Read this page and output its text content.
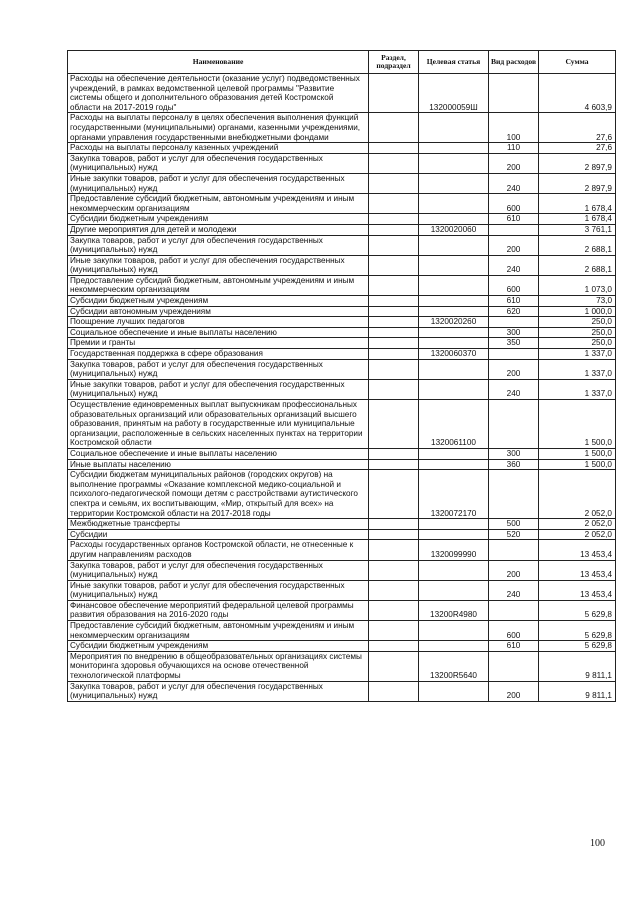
Наименование	Раздел, подраздел	Целевая статья	Вид расходов	Сумма
Расходы на обеспечение деятельности (оказание услуг) подведомственных учреждений, в рамках ведомственной целевой программы "Развитие системы общего и дополнительного образования детей Костромской области на 2017-2019 годы"		132000059Ш		4 603,9
Расходы на выплаты персоналу в целях обеспечения выполнения функций государственными (муниципальными) органами, казенными учреждениями, органами управления государственными внебюджетными фондами			100	27,6
Расходы на выплаты персоналу казенных учреждений			110	27,6
Закупка товаров, работ и услуг для обеспечения государственных (муниципальных) нужд			200	2 897,9
Иные закупки товаров, работ и услуг для обеспечения государственных (муниципальных) нужд			240	2 897,9
Предоставление субсидий бюджетным, автономным учреждениям и иным некоммерческим организациям			600	1 678,4
Субсидии бюджетным учреждениям			610	1 678,4
Другие мероприятия для детей и молодежи		1320020060		3 761,1
Закупка товаров, работ и услуг для обеспечения государственных (муниципальных) нужд			200	2 688,1
Иные закупки товаров, работ и услуг для обеспечения государственных (муниципальных) нужд			240	2 688,1
Предоставление субсидий бюджетным, автономным учреждениям и иным некоммерческим организациям			600	1 073,0
Субсидии бюджетным учреждениям			610	73,0
Субсидии автономным учреждениям			620	1 000,0
Поощрение лучших педагогов		1320020260		250,0
Социальное обеспечение и иные выплаты населению			300	250,0
Премии и гранты			350	250,0
Государственная поддержка в сфере образования		1320060370		1 337,0
Закупка товаров, работ и услуг для обеспечения государственных (муниципальных) нужд			200	1 337,0
Иные закупки товаров, работ и услуг для обеспечения государственных (муниципальных) нужд			240	1 337,0
Осуществление единовременных выплат выпускникам профессиональных образовательных организаций или образовательных организаций высшего образования, принятым на работу в государственные или муниципальные организации, расположенные в сельских населенных пунктах на территории Костромской области		1320061100		1 500,0
Социальное обеспечение и иные выплаты населению			300	1 500,0
Иные выплаты населению			360	1 500,0
Субсидии бюджетам муниципальных районов (городских округов) на выполнение программы «Оказание комплексной медико-социальной и психолого-педагогической помощи детям с расстройствами аутистического спектра и семьям, их воспитывающим, «Мир, открытый для всех» на территории Костромской области на 2017-2018 годы		1320072170		2 052,0
Межбюджетные трансферты			500	2 052,0
Субсидии			520	2 052,0
Расходы государственных органов Костромской области, не отнесенные к другим направлениям расходов		1320099990		13 453,4
Закупка товаров, работ и услуг для обеспечения государственных (муниципальных) нужд			200	13 453,4
Иные закупки товаров, работ и услуг для обеспечения государственных (муниципальных) нужд			240	13 453,4
Финансовое обеспечение мероприятий федеральной целевой программы развития образования на 2016-2020 годы		13200R4980		5 629,8
Предоставление субсидий бюджетным, автономным учреждениям и иным некоммерческим организациям			600	5 629,8
Субсидии бюджетным учреждениям			610	5 629,8
Мероприятия по внедрению в общеобразовательных организациях системы мониторинга здоровья обучающихся на основе отечественной технологической платформы		13200R5640		9 811,1
Закупка товаров, работ и услуг для обеспечения государственных (муниципальных) нужд			200	9 811,1
100
